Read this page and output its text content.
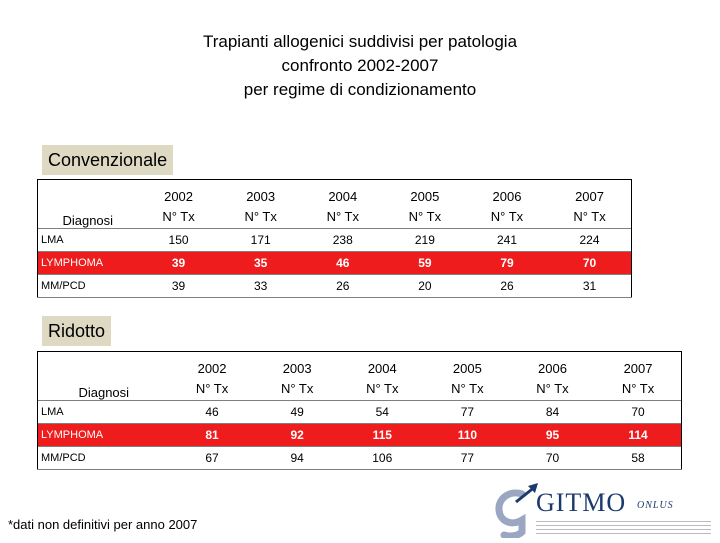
Trapianti allogenici suddivisi per patologia
confronto 2002-2007
per regime di condizionamento
Convenzionale
Diagnosi	2002	2003	2004	2005	2006	2007
	N° Tx	N° Tx	N° Tx	N° Tx	N° Tx	N° Tx
LMA	150	171	238	219	241	224
LYMPHOMA	39	35	46	59	79	70
MM/PCD	39	33	26	20	26	31
Ridotto
Diagnosi	2002	2003	2004	2005	2006	2007
	N° Tx	N° Tx	N° Tx	N° Tx	N° Tx	N° Tx
LMA	46	49	54	77	84	70
LYMPHOMA	81	92	115	110	95	114
MM/PCD	67	94	106	77	70	58
*dati non definitivi per anno 2007
GITMO ONLUS
